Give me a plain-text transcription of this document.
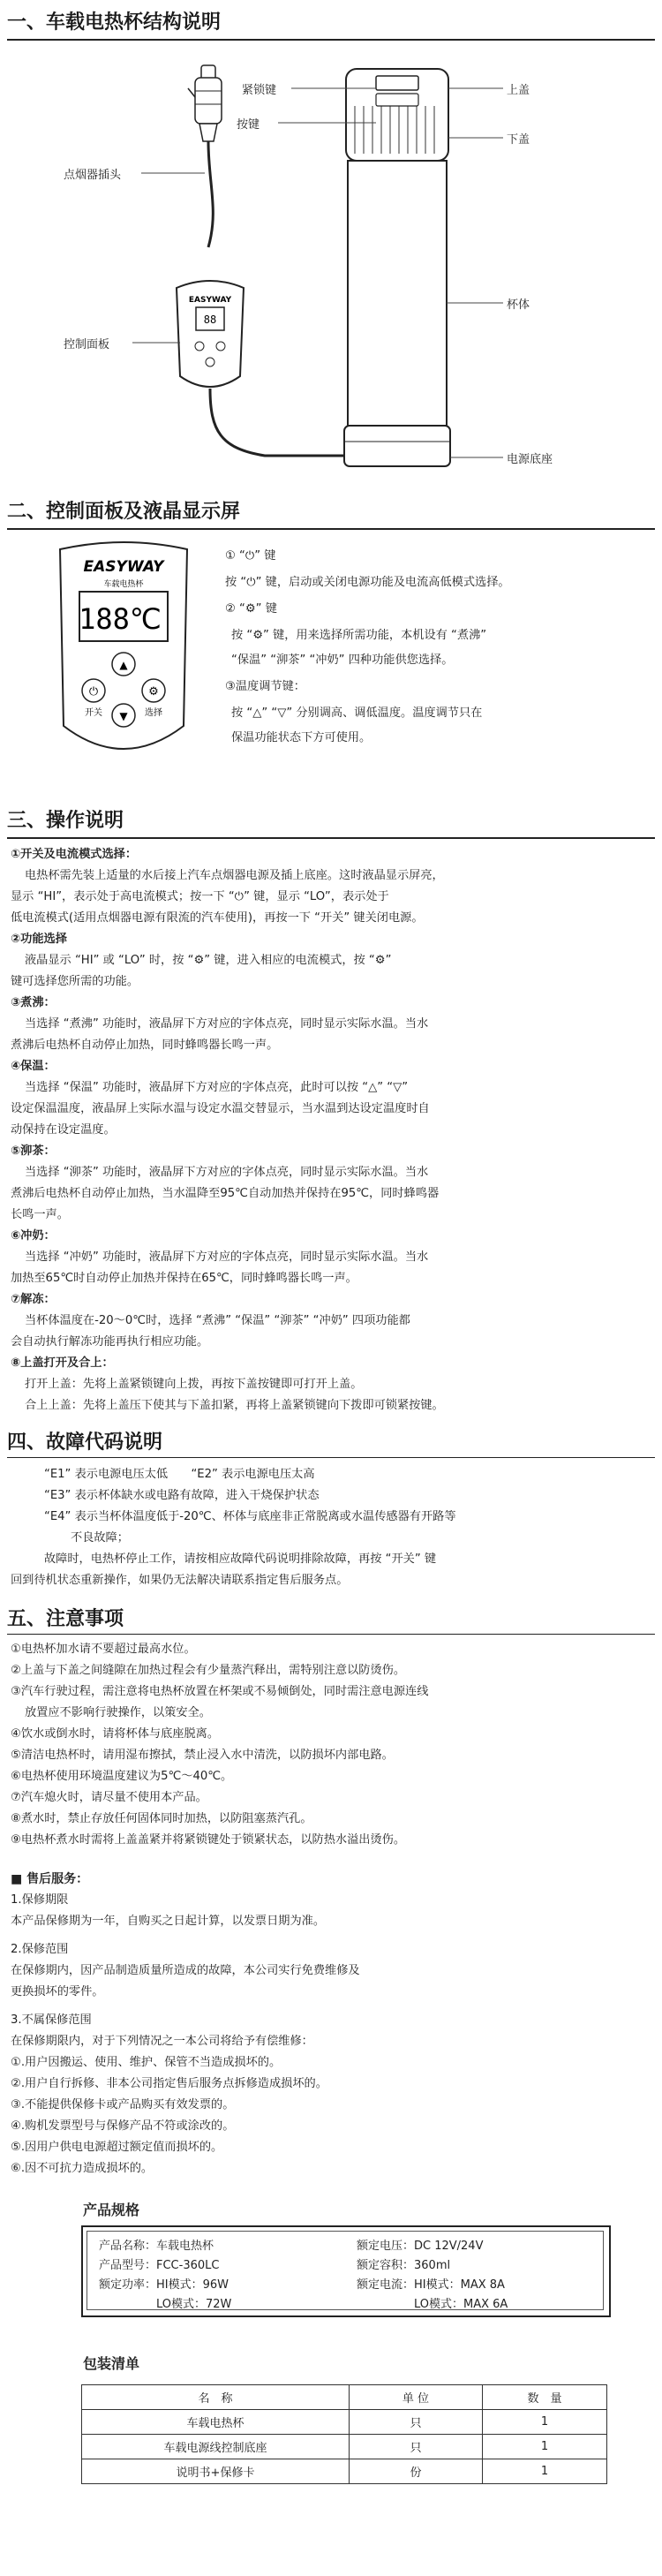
一、车载电热杯结构说明
EASYWAY
88
紧锁键
按键
上盖
下盖
点烟器插头
控制面板
杯体
电源底座
二、控制面板及液晶显示屏
EASYWAY
车载电热杯
188℃
▲
⏻	⚙
▼
开关	选择
① “⏻” 键
按 “⏻” 键，启动或关闭电源功能及电流高低模式选择。
② “⚙” 键
按 “⚙” 键，用来选择所需功能，本机设有 “煮沸”
“保温” “泖茶” “冲奶” 四种功能供您选择。
③温度调节键：
按 “△” “▽” 分别调高、调低温度。温度调节只在
保温功能状态下方可使用。
三、操作说明
①开关及电流模式选择：
电热杯需先装上适量的水后接上汽车点烟器电源及插上底座。这时液晶显示屏亮，
显示 “HI”，表示处于高电流模式；按一下 “⏻” 键，显示 “LO”，表示处于
低电流模式(适用点烟器电源有限流的汽车使用)，再按一下 “开关” 键关闭电源。
②功能选择
液晶显示 “HI” 或 “LO” 时，按 “⚙” 键，进入相应的电流模式，按 “⚙”
键可选择您所需的功能。
③煮沸：
当选择 “煮沸” 功能时，液晶屏下方对应的字体点亮，同时显示实际水温。当水
煮沸后电热杯自动停止加热，同时蜂鸣器长鸣一声。
④保温：
当选择 “保温” 功能时，液晶屏下方对应的字体点亮，此时可以按 “△” “▽”
设定保温温度，液晶屏上实际水温与设定水温交替显示，当水温到达设定温度时自
动保持在设定温度。
⑤泖茶：
当选择 “泖茶” 功能时，液晶屏下方对应的字体点亮，同时显示实际水温。当水
煮沸后电热杯自动停止加热，当水温降至95℃自动加热并保持在95℃，同时蜂鸣器
长鸣一声。
⑥冲奶：
当选择 “冲奶” 功能时，液晶屏下方对应的字体点亮，同时显示实际水温。当水
加热至65℃时自动停止加热并保持在65℃，同时蜂鸣器长鸣一声。
⑦解冻：
当杯体温度在-20～0℃时，选择 “煮沸” “保温” “泖茶” “冲奶” 四项功能都
会自动执行解冻功能再执行相应功能。
⑧上盖打开及合上：
打开上盖：先将上盖紧锁键向上拨，再按下盖按键即可打开上盖。
合上上盖：先将上盖压下使其与下盖扣紧，再将上盖紧锁键向下拨即可锁紧按键。
四、故障代码说明
“E1” 表示电源电压太低　　“E2” 表示电源电压太高
“E3” 表示杯体缺水或电路有故障，进入干烧保护状态
“E4” 表示当杯体温度低于-20℃、杯体与底座非正常脱离或水温传感器有开路等
不良故障；
故障时，电热杯停止工作，请按相应故障代码说明排除故障，再按 “开关” 键
回到待机状态重新操作，如果仍无法解决请联系指定售后服务点。
五、注意事项
①电热杯加水请不要超过最高水位。
②上盖与下盖之间缝隙在加热过程会有少量蒸汽释出，需特别注意以防烫伤。
③汽车行驶过程，需注意将电热杯放置在杯架或不易倾倒处，同时需注意电源连线
放置应不影响行驶操作，以策安全。
④饮水或倒水时，请将杯体与底座脱离。
⑤清洁电热杯时，请用湿布擦拭，禁止浸入水中清洗，以防损坏内部电路。
⑥电热杯使用环境温度建议为5℃～40℃。
⑦汽车熄火时，请尽量不使用本产品。
⑧煮水时，禁止存放任何固体同时加热，以防阻塞蒸汽孔。
⑨电热杯煮水时需将上盖盖紧并将紧锁键处于锁紧状态，以防热水溢出烫伤。
■ 售后服务：
1.保修期限
本产品保修期为一年，自购买之日起计算，以发票日期为准。
2.保修范围
在保修期内，因产品制造质量所造成的故障，本公司实行免费维修及
更换损坏的零件。
3.不属保修范围
在保修期限内，对于下列情况之一本公司将给予有偿维修：
①.用户因搬运、使用、维护、保管不当造成损坏的。
②.用户自行拆修、非本公司指定售后服务点拆修造成损坏的。
③.不能提供保修卡或产品购买有效发票的。
④.购机发票型号与保修产品不符或涂改的。
⑤.因用户供电电源超过额定值而损坏的。
⑥.因不可抗力造成损坏的。
产品规格
产品名称：车载电热杯	额定电压：DC 12V/24V
产品型号：FCC-360LC	额定容积：360ml
额定功率：HI模式：96W	额定电流：HI模式：MAX 8A
　　　　　LO模式：72W	　　　　　LO模式：MAX 6A
包装清单
名　称	单 位	数　量
车载电热杯	只	1
车载电源线控制底座	只	1
说明书+保修卡	份	1
